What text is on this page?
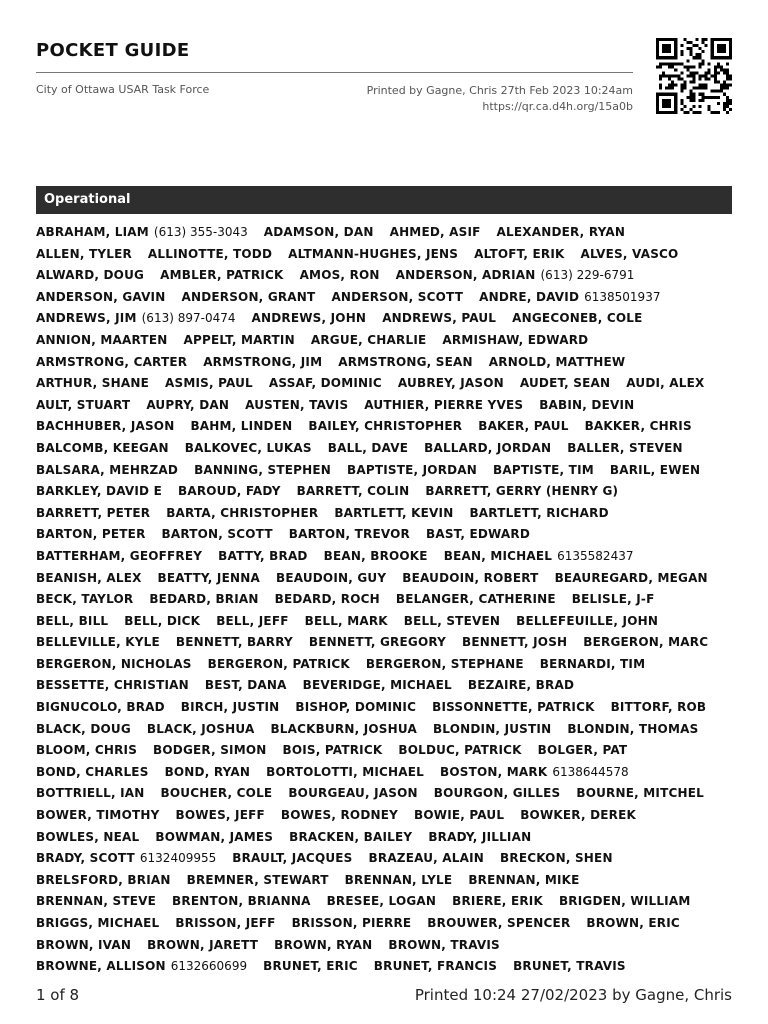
POCKET GUIDE
City of Ottawa USAR Task Force	Printed by Gagne, Chris 27th Feb 2023 10:24am
https://qr.ca.d4h.org/15a0b
Operational
ABRAHAM, LIAM (613) 355-3043 ADAMSON, DAN AHMED, ASIF ALEXANDER, RYAN
ALLEN, TYLER ALLINOTTE, TODD ALTMANN-HUGHES, JENS ALTOFT, ERIK ALVES, VASCO
ALWARD, DOUG AMBLER, PATRICK AMOS, RON ANDERSON, ADRIAN (613) 229-6791
ANDERSON, GAVIN ANDERSON, GRANT ANDERSON, SCOTT ANDRE, DAVID 6138501937
ANDREWS, JIM (613) 897-0474 ANDREWS, JOHN ANDREWS, PAUL ANGECONEB, COLE
ANNION, MAARTEN APPELT, MARTIN ARGUE, CHARLIE ARMISHAW, EDWARD
ARMSTRONG, CARTER ARMSTRONG, JIM ARMSTRONG, SEAN ARNOLD, MATTHEW
ARTHUR, SHANE ASMIS, PAUL ASSAF, DOMINIC AUBREY, JASON AUDET, SEAN AUDI, ALEX
AULT, STUART AUPRY, DAN AUSTEN, TAVIS AUTHIER, PIERRE YVES BABIN, DEVIN
BACHHUBER, JASON BAHM, LINDEN BAILEY, CHRISTOPHER BAKER, PAUL BAKKER, CHRIS
BALCOMB, KEEGAN BALKOVEC, LUKAS BALL, DAVE BALLARD, JORDAN BALLER, STEVEN
BALSARA, MEHRZAD BANNING, STEPHEN BAPTISTE, JORDAN BAPTISTE, TIM BARIL, EWEN
BARKLEY, DAVID E BAROUD, FADY BARRETT, COLIN BARRETT, GERRY (HENRY G)
BARRETT, PETER BARTA, CHRISTOPHER BARTLETT, KEVIN BARTLETT, RICHARD
BARTON, PETER BARTON, SCOTT BARTON, TREVOR BAST, EDWARD
BATTERHAM, GEOFFREY BATTY, BRAD BEAN, BROOKE BEAN, MICHAEL 6135582437
BEANISH, ALEX BEATTY, JENNA BEAUDOIN, GUY BEAUDOIN, ROBERT BEAUREGARD, MEGAN
BECK, TAYLOR BEDARD, BRIAN BEDARD, ROCH BELANGER, CATHERINE BELISLE, J-F
BELL, BILL BELL, DICK BELL, JEFF BELL, MARK BELL, STEVEN BELLEFEUILLE, JOHN
BELLEVILLE, KYLE BENNETT, BARRY BENNETT, GREGORY BENNETT, JOSH BERGERON, MARC
BERGERON, NICHOLAS BERGERON, PATRICK BERGERON, STEPHANE BERNARDI, TIM
BESSETTE, CHRISTIAN BEST, DANA BEVERIDGE, MICHAEL BEZAIRE, BRAD
BIGNUCOLO, BRAD BIRCH, JUSTIN BISHOP, DOMINIC BISSONNETTE, PATRICK BITTORF, ROB
BLACK, DOUG BLACK, JOSHUA BLACKBURN, JOSHUA BLONDIN, JUSTIN BLONDIN, THOMAS
BLOOM, CHRIS BODGER, SIMON BOIS, PATRICK BOLDUC, PATRICK BOLGER, PAT
BOND, CHARLES BOND, RYAN BORTOLOTTI, MICHAEL BOSTON, MARK 6138644578
BOTTRIELL, IAN BOUCHER, COLE BOURGEAU, JASON BOURGON, GILLES BOURNE, MITCHEL
BOWER, TIMOTHY BOWES, JEFF BOWES, RODNEY BOWIE, PAUL BOWKER, DEREK
BOWLES, NEAL BOWMAN, JAMES BRACKEN, BAILEY BRADY, JILLIAN
BRADY, SCOTT 6132409955 BRAULT, JACQUES BRAZEAU, ALAIN BRECKON, SHEN
BRELSFORD, BRIAN BREMNER, STEWART BRENNAN, LYLE BRENNAN, MIKE
BRENNAN, STEVE BRENTON, BRIANNA BRESEE, LOGAN BRIERE, ERIK BRIGDEN, WILLIAM
BRIGGS, MICHAEL BRISSON, JEFF BRISSON, PIERRE BROUWER, SPENCER BROWN, ERIC
BROWN, IVAN BROWN, JARETT BROWN, RYAN BROWN, TRAVIS
BROWNE, ALLISON 6132660699 BRUNET, ERIC BRUNET, FRANCIS BRUNET, TRAVIS
1 of 8	Printed 10:24 27/02/2023 by Gagne, Chris
